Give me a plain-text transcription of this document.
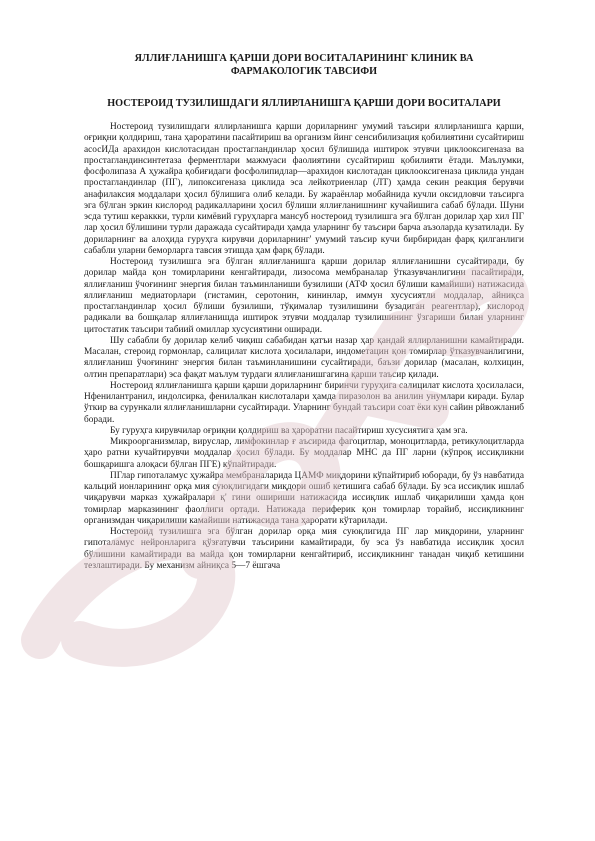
ЯЛЛИҒЛАНИШГА ҚАРШИ ДОРИ ВОСИТАЛАРИНИНГ КЛИНИК ВА
ФАРМАКОЛОГИК ТАВСИФИ
НОСТЕРОИД ТУЗИЛИШДАГИ ЯЛЛИРЛАНИШГА ҚАРШИ ДОРИ ВОСИТАЛАРИ

Ностероид тузилишдаги яллирланишга қарши дориларнинг умумий таъсири яллирланишга қарши, оғриқни қолдириш, тана ҳароратини пасайтириш ва организм йинг сенсибилизация қобилиятини сусайтириш асосИДа арахидон кислотасидан простагландинлар ҳосил бўлишида иштирок этувчи циклооксигеназа ва простагландинсинтетаза ферментлари мажмуаси фаолиятини сусайтириш қобилияти ётади. Маълумки, фосфолипаза А ҳужайра қобиғидаги фосфолипидлар—арахидон кислотадан циклооксигеназа циклида ундан простагландинлар (ПГ), липоксигеназа циклида эса лейкотриенлар (ЛТ) ҳамда секин реакция берувчи анафилаксия моддалари ҳосил бўлишига олиб келади. Бу жараёнлар мобайнида кучли оксидловчи таъсирга эга бўлган эркин кислород радикалларини ҳосил бўлиши яллиғланишнинг кучайишига сабаб бўлади. Шуни эсда тутиш кераккки, турли кимёвий гуруҳларга мансуб ностероид тузилишга эга бўлган дорилар ҳар хил ПГ лар ҳосил бўлишини турли даражада сусайтиради ҳамда уларнинг бу таъсири барча аъзоларда кузатилади. Бу дориларнинг ва алоҳида гуруҳга кирувчи дориларнинг' умумий таъсир кучи бирбиридан фарқ қилганлиги сабабли уларни беморларга тавсия этишда ҳам фарқ бўлади.

Ностероид тузилишга эга бўлган яллиғланишга қарши дорилар яллиғланишни сусайтиради, бу дорилар майда қон томирларини кенгайтиради, лизосома мембраналар ўтказувчанлигини пасайтиради, яллиғланиш ўчоғининг энергия билан таъминланиши бузилиши (АТФ ҳосил бўлиши камайиши) натижасида яллиғланиш медиаторлари (гистамин, серотонин, кининлар, иммун хусусиятли моддалар, айниқса простагландинлар ҳосил бўлиши бузилиши, тўқималар тузилишини бузадиган реагентлар), кислород радикали ва бошқалар яллиғланишда иштирок этувчи моддалар тузилишининг ўзгариши билан уларнинг цитостатик таъсири табиий омиллар хусусиятини оширади.

Шу сабабли бу дорилар келиб чиқиш сабабидан қатъи назар ҳар қандай яллирланишни камайтиради. Масалан, стероид гормонлар, салицилат кислота ҳосилалари, индометацин қон томирлар ўтказувчанлигини, яллиғланиш ўчоғининг энергия билан таъминланишини сусайтиради, баъзи дорилар (масалан, колхицин, олтин препаратлари) эса фақат маълум турдаги яллиғланишгагина қарши таъсир қилади.

Ностероид яллиғланишга қарши қарши дориларнинг биринчи гуруҳига салицилат кислота ҳосилаласи, Нфенилантранил, индолсирка, фенилалкан кислоталари ҳамда пиразолон ва анилин унумлари киради. Булар ўткир ва сурункали яллиғланишларни сусайтиради. Уларнинг бундай таъсири соат ёки кун сайин рйвожланиб боради.

Бу гуруҳга кирувчилар оғриқни қолдириш ва ҳароратни пасайтириш хусусиятига ҳам эга.

Микроорганизмлар, вируслар, лимфокинлар ғ аъсирида фагоцитлар, моноцитларда, ретикулоцитларда ҳаро ратни кучайтирувчи моддалар ҳосил бўлади. Бу моддалар МНС да ПГ ларни (кўпроқ иссиқликни бошқаришга алоқаси бўлган ПГЕ) кўпайтиради.

ПГлар гипоталамус ҳужайра мембраналарида ЦАМФ миқдорини кўпайтириб юборади, бу ўз навбатида кальций ионларининг орқа мия суюқлигидаги миқдори ошиб кетишига сабаб бўлади. Бу эса иссиқлик ишлаб чиқарувчи марказ ҳужайралари қ' гини ошириши натижасида иссиқлик ишлаб чиқарилиши ҳамда қон томирлар марказининг фаоллиги ортади. Натижада периферик қон томирлар торайиб, иссиқликнинг организмдан чиқарилиши камайиши натижасида тана ҳарорати кўтарилади.

Ностероид тузилишга эга бўлган дорилар орқа мия суюқлигида ПГ лар миқдорини, уларнинг гипоталамус нейронларига қўзғатувчи таъсирини камайтиради, бу эса ўз навбатида иссиқлик ҳосил бўлишини камайтиради ва майда қон томирларни кенгайтириб, иссиқликнинг танадан чиқиб кетишини тезлаштиради. Бу механизм айниқса 5—7 ёшгача
